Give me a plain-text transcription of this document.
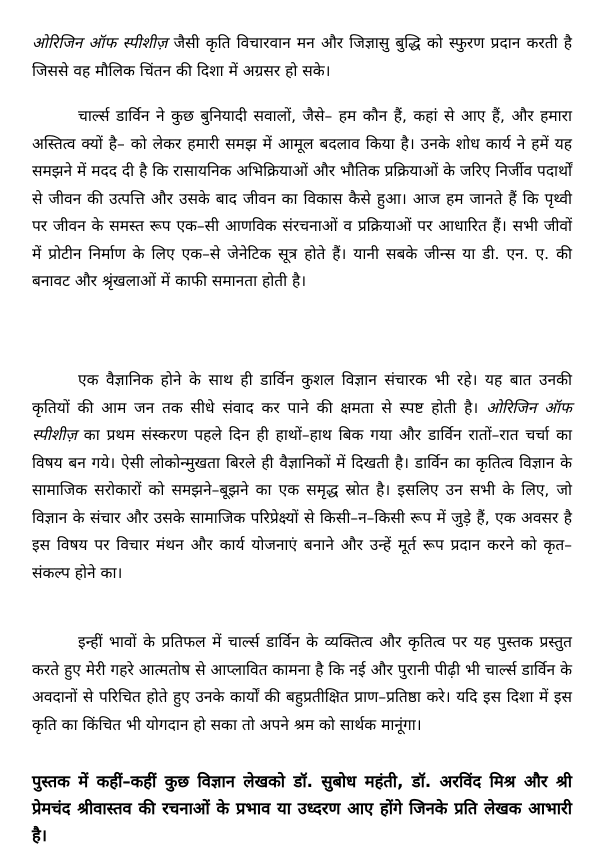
ओरिजिन ऑफ स्पीशीज़ जैसी कृति विचारवान मन और जिज्ञासु बुद्धि को स्फुरण प्रदान करती है जिससे वह मौलिक चिंतन की दिशा में अग्रसर हो सके।

चार्ल्स डार्विन ने कुछ बुनियादी सवालों, जैसे– हम कौन हैं, कहां से आए हैं, और हमारा अस्तित्व क्यों है– को लेकर हमारी समझ में आमूल बदलाव किया है। उनके शोध कार्य ने हमें यह समझने में मदद दी है कि रासायनिक अभिक्रियाओं और भौतिक प्रक्रियाओं के जरिए निर्जीव पदार्थों से जीवन की उत्पत्ति और उसके बाद जीवन का विकास कैसे हुआ। आज हम जानते हैं कि पृथ्वी पर जीवन के समस्त रूप एक–सी आणविक संरचनाओं व प्रक्रियाओं पर आधारित हैं। सभी जीवों में प्रोटीन निर्माण के लिए एक–से जेनेटिक सूत्र होते हैं। यानी सबके जीन्स या डी. एन. ए. की बनावट और श्रृंखलाओं में काफी समानता होती है।

एक वैज्ञानिक होने के साथ ही डार्विन कुशल विज्ञान संचारक भी रहे। यह बात उनकी कृतियों की आम जन तक सीधे संवाद कर पाने की क्षमता से स्पष्ट होती है। ओरिजिन ऑफ स्पीशीज़ का प्रथम संस्करण पहले दिन ही हाथों–हाथ बिक गया और डार्विन रातों–रात चर्चा का विषय बन गये। ऐसी लोकोन्मुखता बिरले ही वैज्ञानिकों में दिखती है। डार्विन का कृतित्व विज्ञान के सामाजिक सरोकारों को समझने–बूझने का एक समृद्ध स्रोत है। इसलिए उन सभी के लिए, जो विज्ञान के संचार और उसके सामाजिक परिप्रेक्ष्यों से किसी–न–किसी रूप में जुड़े हैं, एक अवसर है इस विषय पर विचार मंथन और कार्य योजनाएं बनाने और उन्हें मूर्त रूप प्रदान करने को कृत–संकल्प होने का।

इन्हीं भावों के प्रतिफल में चार्ल्स डार्विन के व्यक्तित्व और कृतित्व पर यह पुस्तक प्रस्तुत करते हुए मेरी गहरे आत्मतोष से आप्लावित कामना है कि नई और पुरानी पीढ़ी भी चार्ल्स डार्विन के अवदानों से परिचित होते हुए उनके कार्यों की बहुप्रतीक्षित प्राण–प्रतिष्ठा करे। यदि इस दिशा में इस कृति का किंचित भी योगदान हो सका तो अपने श्रम को सार्थक मानूंगा।

पुस्तक में कहीं–कहीं कुछ विज्ञान लेखको डॉ. सुबोध महंती, डॉ. अरविंद मिश्र और श्री प्रेमचंद श्रीवास्तव की रचनाओं के प्रभाव या उध्दरण आए होंगे जिनके प्रति लेखक आभारी है।
